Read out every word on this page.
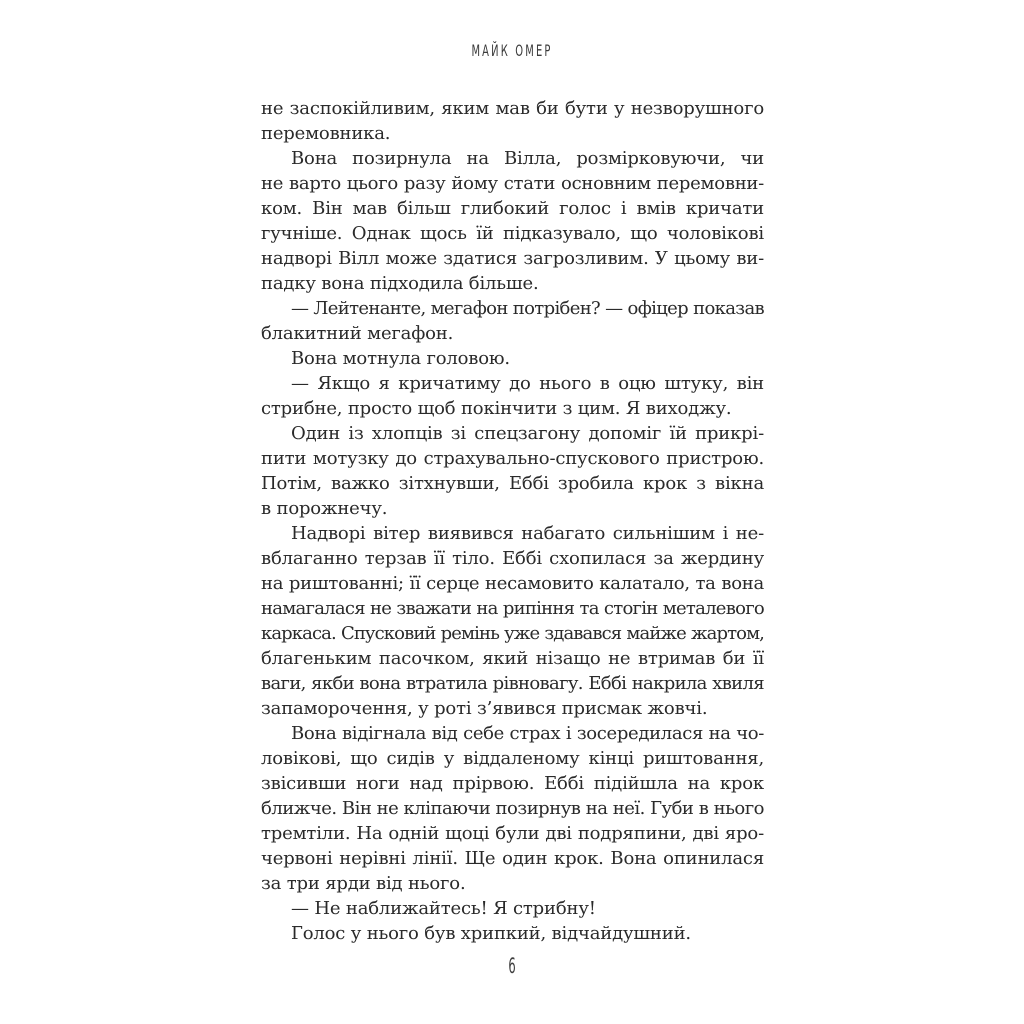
МАЙК ОМЕР
не заспокійливим, яким мав би бути у незворушного
перемовника.
Вона позирнула на Вілла, розмірковуючи, чи
не варто цього разу йому стати основним перемовни-
ком. Він мав більш глибокий голос і вмів кричати
гучніше. Однак щось їй підказувало, що чоловікові
надворі Вілл може здатися загрозливим. У цьому ви-
падку вона підходила більше.
— Лейтенанте, мегафон потрібен? — офіцер показав
блакитний мегафон.
Вона мотнула головою.
— Якщо я кричатиму до нього в оцю штуку, він
стрибне, просто щоб покінчити з цим. Я виходжу.
Один із хлопців зі спецзагону допоміг їй прикрі-
пити мотузку до страхувально-спускового пристрою.
Потім, важко зітхнувши, Еббі зробила крок з вікна
в порожнечу.
Надворі вітер виявився набагато сильнішим і не-
вблаганно терзав її тіло. Еббі схопилася за жердину
на риштованні; її серце несамовито калатало, та вона
намагалася не зважати на рипіння та стогін металевого
каркаса. Спусковий ремінь уже здавався майже жартом,
благеньким пасочком, який нізащо не втримав би її
ваги, якби вона втратила рівновагу. Еббі накрила хвиля
запаморочення, у роті з’явився присмак жовчі.
Вона відігнала від себе страх і зосередилася на чо-
ловікові, що сидів у віддаленому кінці риштовання,
звісивши ноги над прірвою. Еббі підійшла на крок
ближче. Він не кліпаючи позирнув на неї. Губи в нього
тремтіли. На одній щоці були дві подряпини, дві яро-
червоні нерівні лінії. Ще один крок. Вона опинилася
за три ярди від нього.
— Не наближайтесь! Я стрибну!
Голос у нього був хрипкий, відчайдушний.
6
